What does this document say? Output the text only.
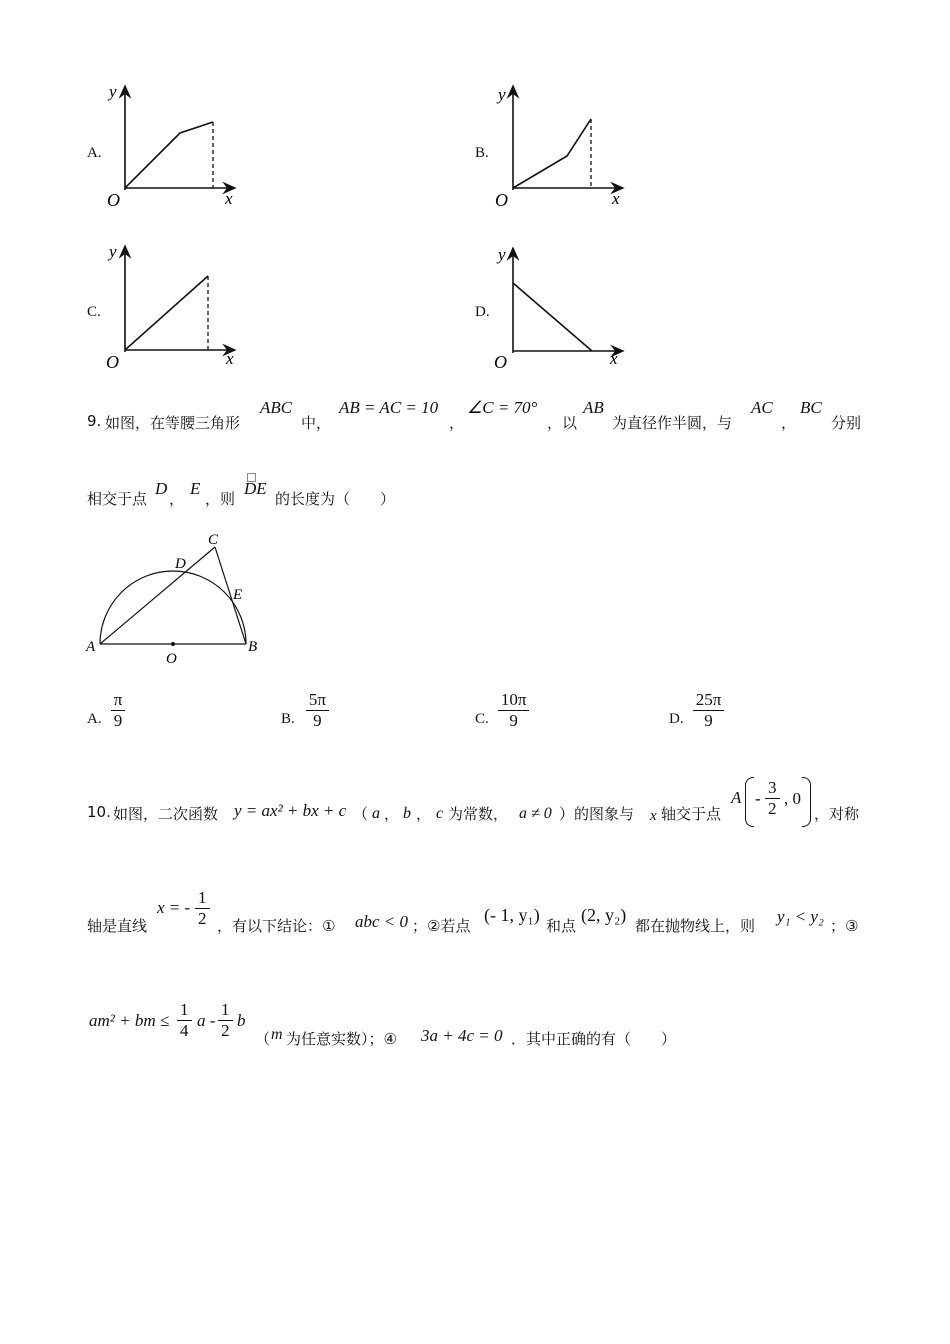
A.
y
x
O
B.
y
x
O
C.
y
x
O
D.
y
x
O
9. 如图，在等腰三角形
ABC
中，
AB = AC = 10
，
∠C = 70°
，以
AB
为直径作半圆，与
AC
，
BC
分别
相交于点
D
，
E
，则
DE
的长度为（　　）
A	B
C
D
E
O
A. $\frac{\pi}{9}$	B. $\frac{5\pi}{9}$	C. $\frac{10\pi}{9}$	D. $\frac{25\pi}{9}$
10. 如图，二次函数 y = ax² + bx + c （ a ， b ， c 为常数， a ≠ 0 ）的图象与 x 轴交于点
A - $\frac{3}{2}$ , 0
，对称
轴是直线
x = - $\frac{1}{2}$ ，有以下结论：① abc < 0 ；②若点
(- 1, y₁)
和点
(2, y₂)
都在抛物线上，则 y₁ < y₂ ；③
am² + bm ≤ $\frac{1}{4}$ a - $\frac{1}{2}$ b
（ m 为任意实数）；④ 3a + 4c = 0 ．其中正确的有（　　）
